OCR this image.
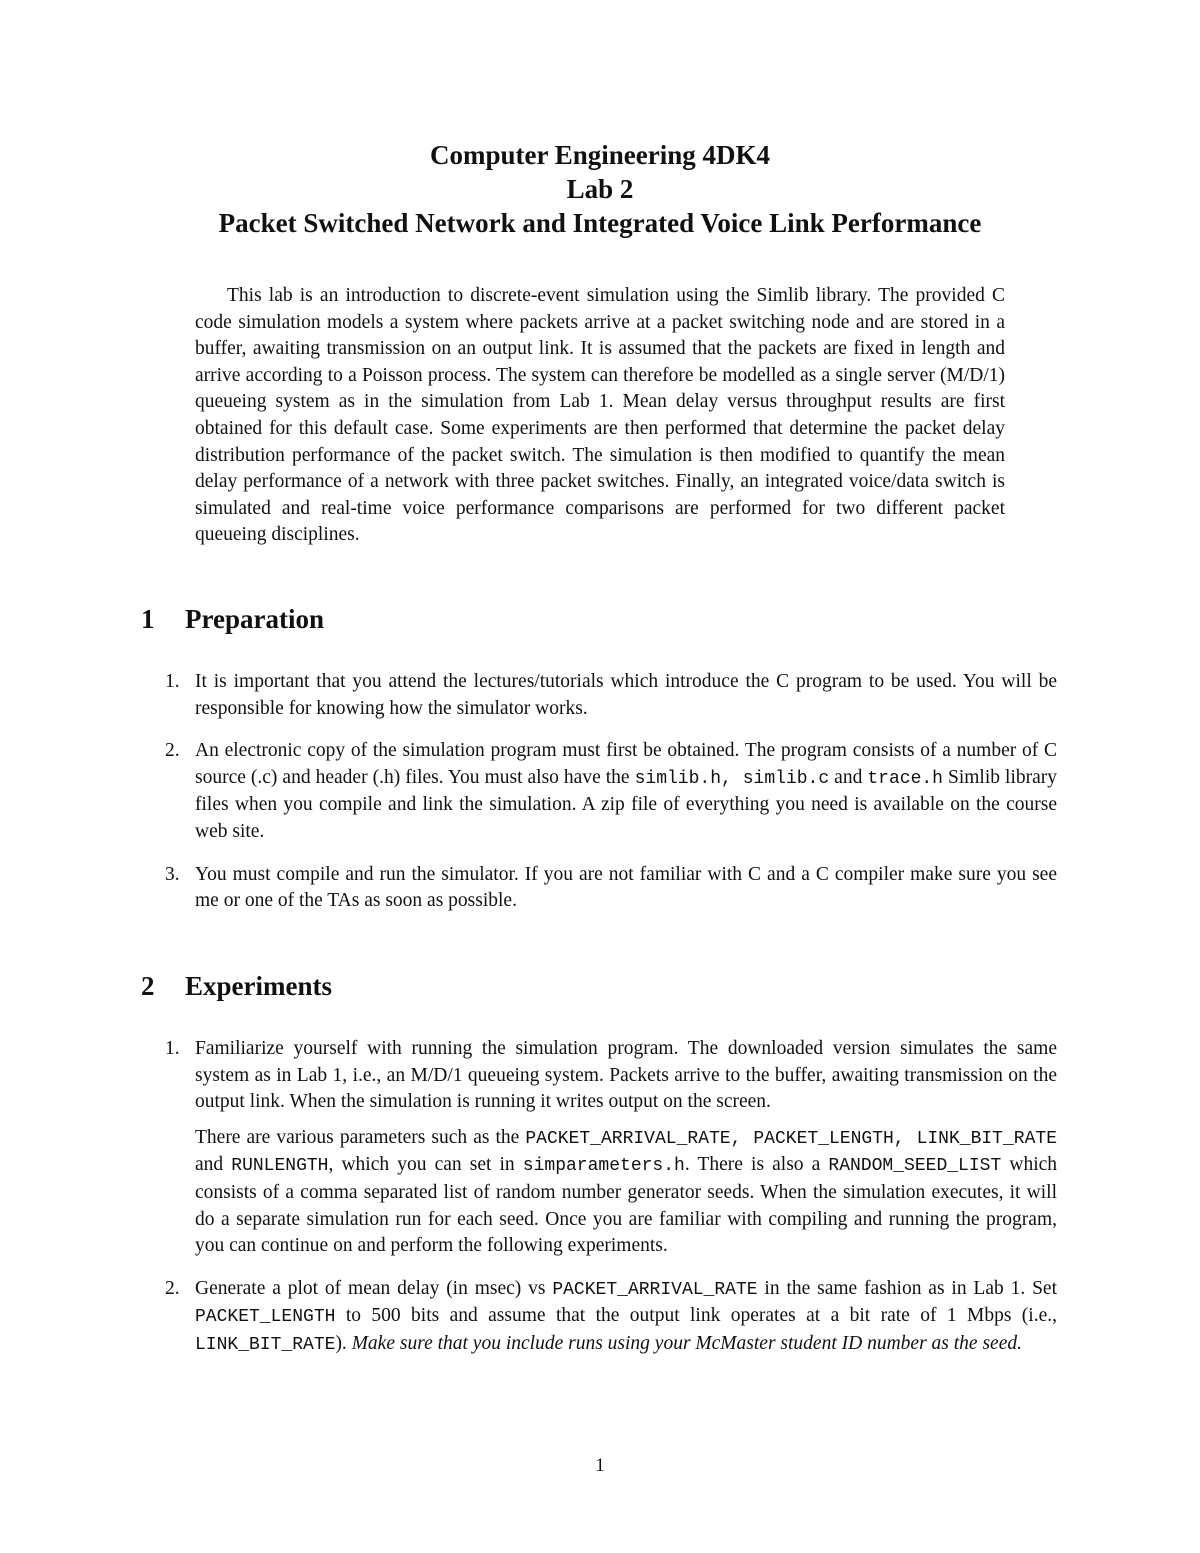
Computer Engineering 4DK4
Lab 2
Packet Switched Network and Integrated Voice Link Performance
This lab is an introduction to discrete-event simulation using the Simlib library. The provided C code simulation models a system where packets arrive at a packet switching node and are stored in a buffer, awaiting transmission on an output link. It is assumed that the packets are fixed in length and arrive according to a Poisson process. The system can therefore be modelled as a single server (M/D/1) queueing system as in the simulation from Lab 1. Mean delay versus throughput results are first obtained for this default case. Some experiments are then performed that determine the packet delay distribution performance of the packet switch. The simulation is then modified to quantify the mean delay performance of a network with three packet switches. Finally, an integrated voice/data switch is simulated and real-time voice performance comparisons are performed for two different packet queueing disciplines.
1 Preparation
1. It is important that you attend the lectures/tutorials which introduce the C program to be used. You will be responsible for knowing how the simulator works.
2. An electronic copy of the simulation program must first be obtained. The program consists of a number of C source (.c) and header (.h) files. You must also have the simlib.h, simlib.c and trace.h Simlib library files when you compile and link the simulation. A zip file of everything you need is available on the course web site.
3. You must compile and run the simulator. If you are not familiar with C and a C compiler make sure you see me or one of the TAs as soon as possible.
2 Experiments
1. Familiarize yourself with running the simulation program. The downloaded version simulates the same system as in Lab 1, i.e., an M/D/1 queueing system. Packets arrive to the buffer, awaiting transmission on the output link. When the simulation is running it writes output on the screen.

There are various parameters such as the PACKET_ARRIVAL_RATE, PACKET_LENGTH, LINK_BIT_RATE and RUNLENGTH, which you can set in simparameters.h. There is also a RANDOM_SEED_LIST which consists of a comma separated list of random number generator seeds. When the simulation executes, it will do a separate simulation run for each seed. Once you are familiar with compiling and running the program, you can continue on and perform the following experiments.

2. Generate a plot of mean delay (in msec) vs PACKET_ARRIVAL_RATE in the same fashion as in Lab 1. Set PACKET_LENGTH to 500 bits and assume that the output link operates at a bit rate of 1 Mbps (i.e., LINK_BIT_RATE). Make sure that you include runs using your McMaster student ID number as the seed.
1
